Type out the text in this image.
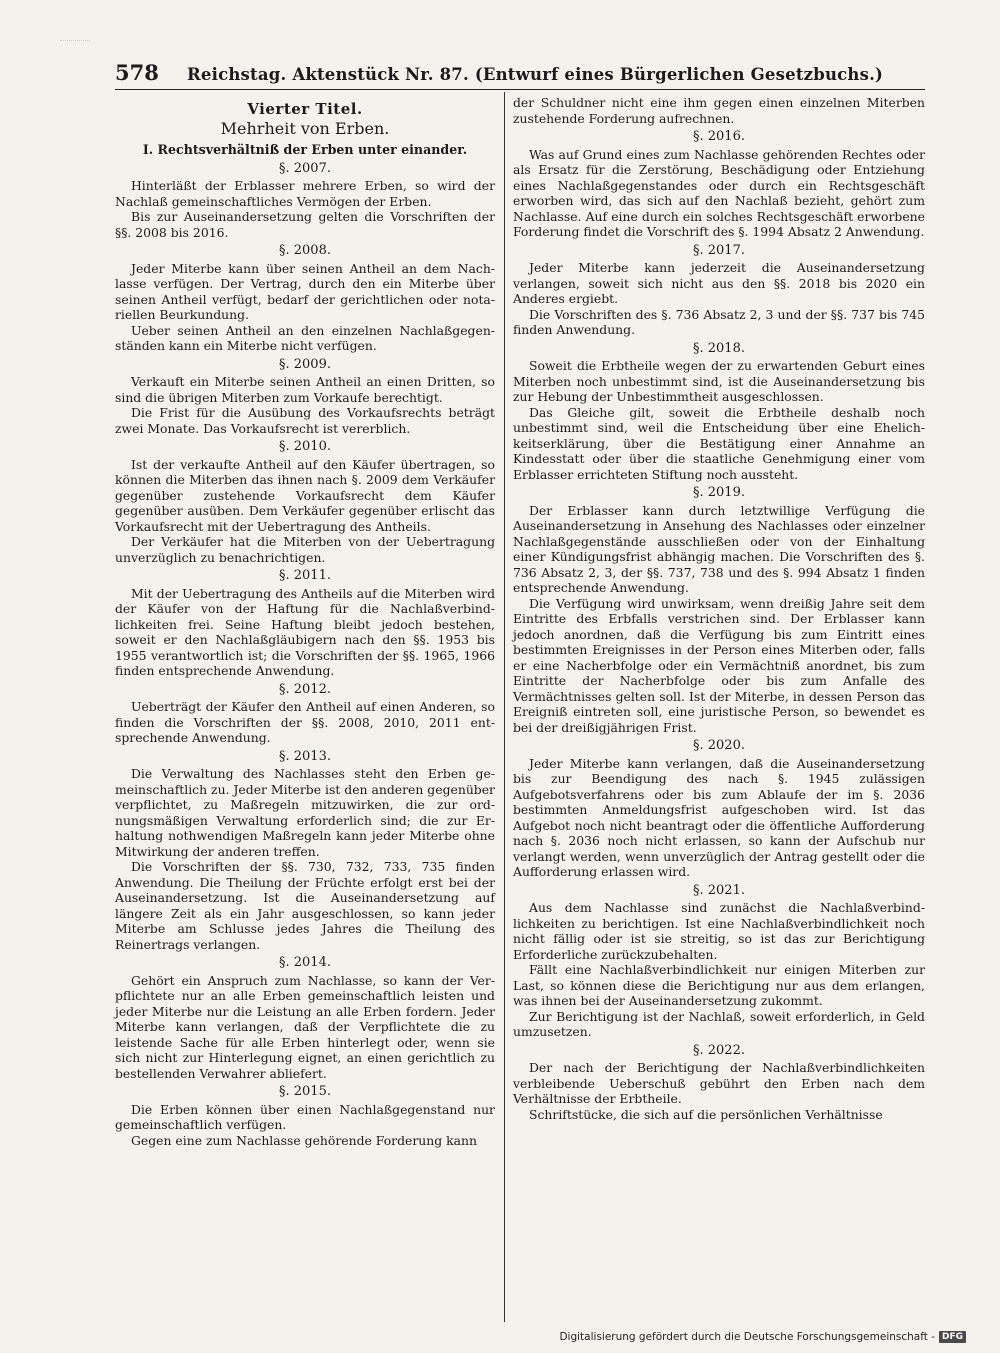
578	Reichstag. Aktenstück Nr. 87. (Entwurf eines Bürgerlichen Gesetzbuchs.)
Vierter Titel.
Mehrheit von Erben.
I. Rechtsverhältniß der Erben unter einander.
§. 2007.

Hinterläßt der Erblasser mehrere Erben, so wird der Nachlaß gemeinschaftliches Vermögen der Erben.

Bis zur Auseinandersetzung gelten die Vorschriften der §§. 2008 bis 2016.

§. 2008.

Jeder Miterbe kann über seinen Antheil an dem Nachlasse verfügen. Der Vertrag, durch den ein Miterbe über seinen Antheil verfügt, bedarf der gerichtlichen oder notariellen Beurkundung.

Ueber seinen Antheil an den einzelnen Nachlaßgegenständen kann ein Miterbe nicht verfügen.

§. 2009.

Verkauft ein Miterbe seinen Antheil an einen Dritten, so sind die übrigen Miterben zum Vorkaufe berechtigt.

Die Frist für die Ausübung des Vorkaufsrechts beträgt zwei Monate. Das Vorkaufsrecht ist vererblich.

§. 2010.

Ist der verkaufte Antheil auf den Käufer übertragen, so können die Miterben das ihnen nach §. 2009 dem Verkäufer gegenüber zustehende Vorkaufsrecht dem Käufer gegenüber ausüben. Dem Verkäufer gegenüber erlischt das Vorkaufsrecht mit der Uebertragung des Antheils.

Der Verkäufer hat die Miterben von der Uebertragung unverzüglich zu benachrichtigen.

§. 2011.

Mit der Uebertragung des Antheils auf die Miterben wird der Käufer von der Haftung für die Nachlaßverbindlichkeiten frei. Seine Haftung bleibt jedoch bestehen, soweit er den Nachlaßgläubigern nach den §§. 1953 bis 1955 verantwortlich ist; die Vorschriften der §§. 1965, 1966 finden entsprechende Anwendung.

§. 2012.

Ueberträgt der Käufer den Antheil auf einen Anderen, so finden die Vorschriften der §§. 2008, 2010, 2011 entsprechende Anwendung.

§. 2013.

Die Verwaltung des Nachlasses steht den Erben gemeinschaftlich zu. Jeder Miterbe ist den anderen gegenüber verpflichtet, zu Maßregeln mitzuwirken, die zur ordnungsmäßigen Verwaltung erforderlich sind; die zur Erhaltung nothwendigen Maßregeln kann jeder Miterbe ohne Mitwirkung der anderen treffen.

Die Vorschriften der §§. 730, 732, 733, 735 finden Anwendung. Die Theilung der Früchte erfolgt erst bei der Auseinandersetzung. Ist die Auseinandersetzung auf längere Zeit als ein Jahr ausgeschlossen, so kann jeder Miterbe am Schlusse jedes Jahres die Theilung des Reinertrags verlangen.

§. 2014.

Gehört ein Anspruch zum Nachlasse, so kann der Verpflichtete nur an alle Erben gemeinschaftlich leisten und jeder Miterbe nur die Leistung an alle Erben fordern. Jeder Miterbe kann verlangen, daß der Verpflichtete die zu leistende Sache für alle Erben hinterlegt oder, wenn sie sich nicht zur Hinterlegung eignet, an einen gerichtlich zu bestellenden Verwahrer abliefert.

§. 2015.

Die Erben können über einen Nachlaßgegenstand nur gemeinschaftlich verfügen.

Gegen eine zum Nachlasse gehörende Forderung kann

der Schuldner nicht eine ihm gegen einen einzelnen Miterben zustehende Forderung aufrechnen.

§. 2016.

Was auf Grund eines zum Nachlasse gehörenden Rechtes oder als Ersatz für die Zerstörung, Beschädigung oder Entziehung eines Nachlaßgegenstandes oder durch ein Rechtsgeschäft erworben wird, das sich auf den Nachlaß bezieht, gehört zum Nachlasse. Auf eine durch ein solches Rechtsgeschäft erworbene Forderung findet die Vorschrift des §. 1994 Absatz 2 Anwendung.

§. 2017.

Jeder Miterbe kann jederzeit die Auseinandersetzung verlangen, soweit sich nicht aus den §§. 2018 bis 2020 ein Anderes ergiebt.

Die Vorschriften des §. 736 Absatz 2, 3 und der §§. 737 bis 745 finden Anwendung.

§. 2018.

Soweit die Erbtheile wegen der zu erwartenden Geburt eines Miterben noch unbestimmt sind, ist die Auseinandersetzung bis zur Hebung der Unbestimmtheit ausgeschlossen.

Das Gleiche gilt, soweit die Erbtheile deshalb noch unbestimmt sind, weil die Entscheidung über eine Ehelichkeitserklärung, über die Bestätigung einer Annahme an Kindesstatt oder über die staatliche Genehmigung einer vom Erblasser errichteten Stiftung noch aussteht.

§. 2019.

Der Erblasser kann durch letztwillige Verfügung die Auseinandersetzung in Ansehung des Nachlasses oder einzelner Nachlaßgegenstände ausschließen oder von der Einhaltung einer Kündigungsfrist abhängig machen. Die Vorschriften des §. 736 Absatz 2, 3, der §§. 737, 738 und des §. 994 Absatz 1 finden entsprechende Anwendung.

Die Verfügung wird unwirksam, wenn dreißig Jahre seit dem Eintritte des Erbfalls verstrichen sind. Der Erblasser kann jedoch anordnen, daß die Verfügung bis zum Eintritt eines bestimmten Ereignisses in der Person eines Miterben oder, falls er eine Nacherbfolge oder ein Vermächtniß anordnet, bis zum Eintritte der Nacherbfolge oder bis zum Anfalle des Vermächtnisses gelten soll. Ist der Miterbe, in dessen Person das Ereigniß eintreten soll, eine juristische Person, so bewendet es bei der dreißigjährigen Frist.

§. 2020.

Jeder Miterbe kann verlangen, daß die Auseinandersetzung bis zur Beendigung des nach §. 1945 zulässigen Aufgebotsverfahrens oder bis zum Ablaufe der im §. 2036 bestimmten Anmeldungsfrist aufgeschoben wird. Ist das Aufgebot noch nicht beantragt oder die öffentliche Aufforderung nach §. 2036 noch nicht erlassen, so kann der Aufschub nur verlangt werden, wenn unverzüglich der Antrag gestellt oder die Aufforderung erlassen wird.

§. 2021.

Aus dem Nachlasse sind zunächst die Nachlaßverbindlichkeiten zu berichtigen. Ist eine Nachlaßverbindlichkeit noch nicht fällig oder ist sie streitig, so ist das zur Berichtigung Erforderliche zurückzubehalten.

Fällt eine Nachlaßverbindlichkeit nur einigen Miterben zur Last, so können diese die Berichtigung nur aus dem erlangen, was ihnen bei der Auseinandersetzung zukommt.

Zur Berichtigung ist der Nachlaß, soweit erforderlich, in Geld umzusetzen.

§. 2022.

Der nach der Berichtigung der Nachlaßverbindlichkeiten verbleibende Ueberschuß gebührt den Erben nach dem Verhältnisse der Erbtheile.

Schriftstücke, die sich auf die persönlichen Verhältnisse

Digitalisierung gefördert durch die Deutsche Forschungsgemeinschaft - DFG
